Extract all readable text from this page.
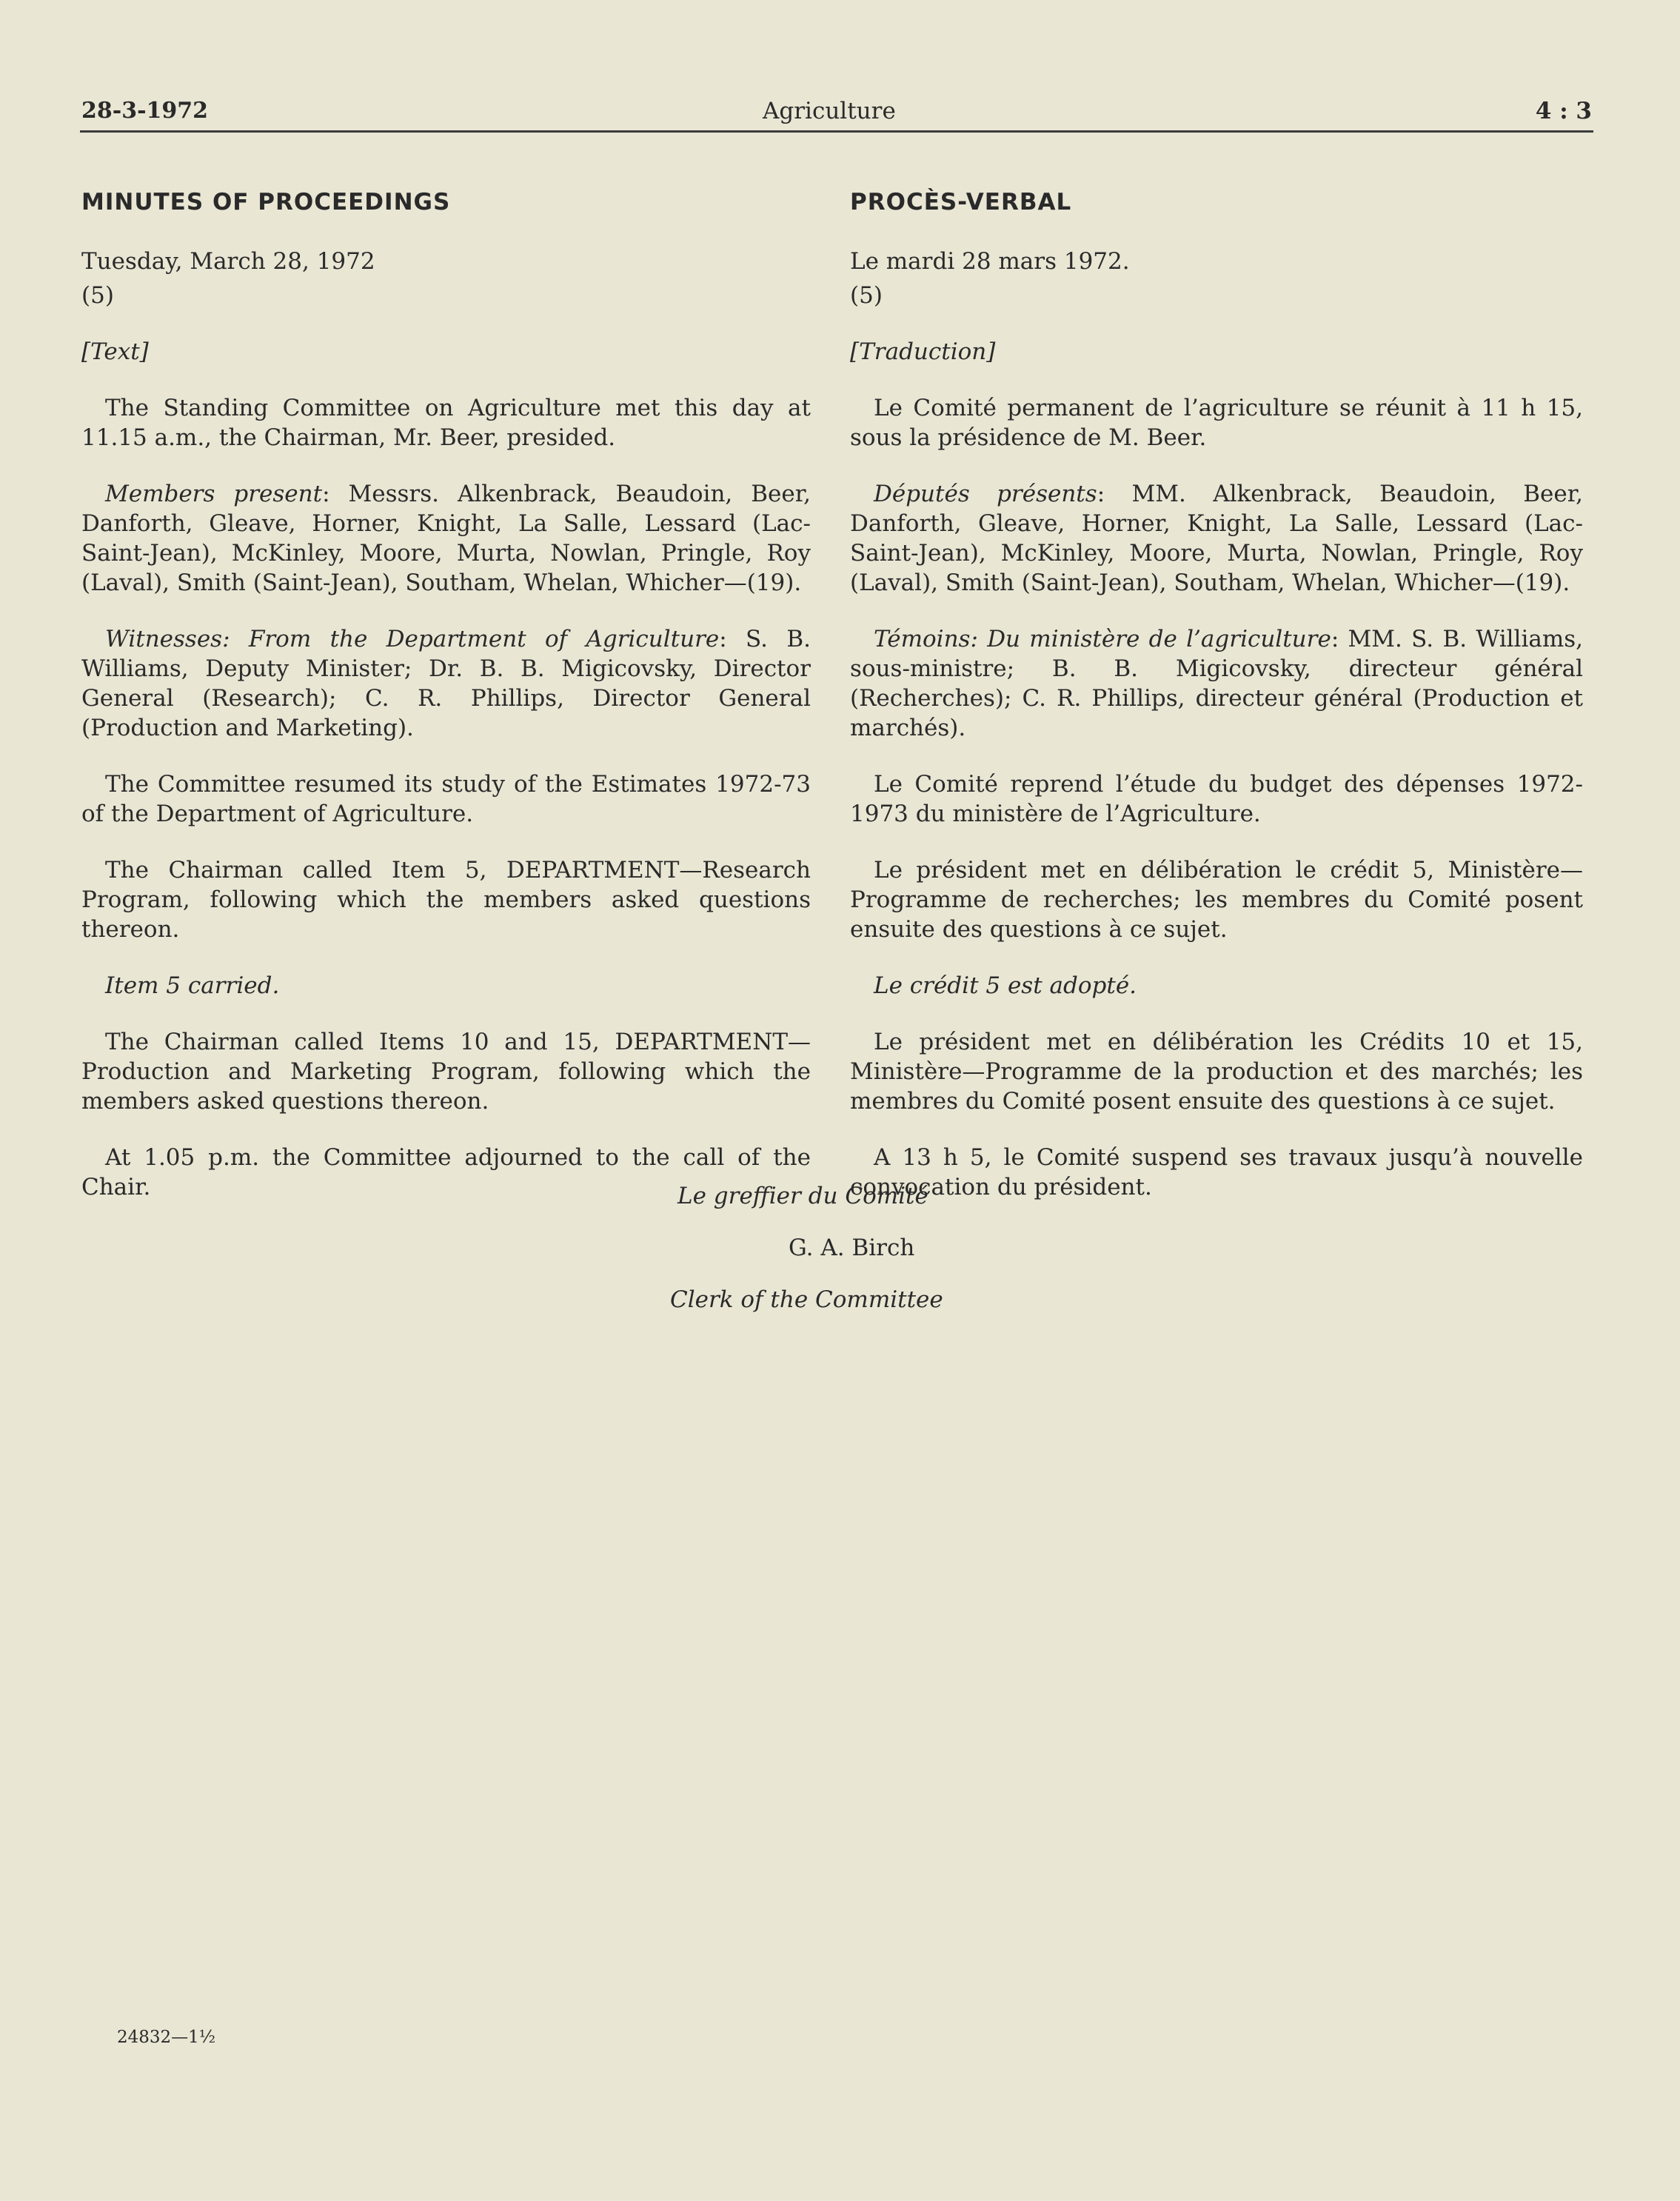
28-3-1972	Agriculture	4 : 3
MINUTES OF PROCEEDINGS

Tuesday, March 28, 1972

(5)

[Text]

The Standing Committee on Agriculture met this day at 11.15 a.m., the Chairman, Mr. Beer, presided.

Members present: Messrs. Alkenbrack, Beaudoin, Beer, Danforth, Gleave, Horner, Knight, La Salle, Lessard (Lac-Saint-Jean), McKinley, Moore, Murta, Nowlan, Pringle, Roy (Laval), Smith (Saint-Jean), Southam, Whelan, Whicher—(19).

Witnesses: From the Department of Agriculture: S. B. Williams, Deputy Minister; Dr. B. B. Migicovsky, Director General (Research); C. R. Phillips, Director General (Production and Marketing).

The Committee resumed its study of the Estimates 1972-73 of the Department of Agriculture.

The Chairman called Item 5, DEPARTMENT—Research Program, following which the members asked questions thereon.

Item 5 carried.

The Chairman called Items 10 and 15, DEPARTMENT—Production and Marketing Program, following which the members asked questions thereon.

At 1.05 p.m. the Committee adjourned to the call of the Chair.

PROCÈS-VERBAL

Le mardi 28 mars 1972.

(5)

[Traduction]

Le Comité permanent de l’agriculture se réunit à 11 h 15, sous la présidence de M. Beer.

Députés présents: MM. Alkenbrack, Beaudoin, Beer, Danforth, Gleave, Horner, Knight, La Salle, Lessard (Lac-Saint-Jean), McKinley, Moore, Murta, Nowlan, Pringle, Roy (Laval), Smith (Saint-Jean), Southam, Whelan, Whicher—(19).

Témoins: Du ministère de l’agriculture: MM. S. B. Williams, sous-ministre; B. B. Migicovsky, directeur général (Recherches); C. R. Phillips, directeur général (Production et marchés).

Le Comité reprend l’étude du budget des dépenses 1972-1973 du ministère de l’Agriculture.

Le président met en délibération le crédit 5, Ministère—Programme de recherches; les membres du Comité posent ensuite des questions à ce sujet.

Le crédit 5 est adopté.

Le président met en délibération les Crédits 10 et 15, Ministère—Programme de la production et des marchés; les membres du Comité posent ensuite des questions à ce sujet.

A 13 h 5, le Comité suspend ses travaux jusqu’à nouvelle convocation du président.

Le greffier du Comité

G. A. Birch

Clerk of the Committee

24832—1½
